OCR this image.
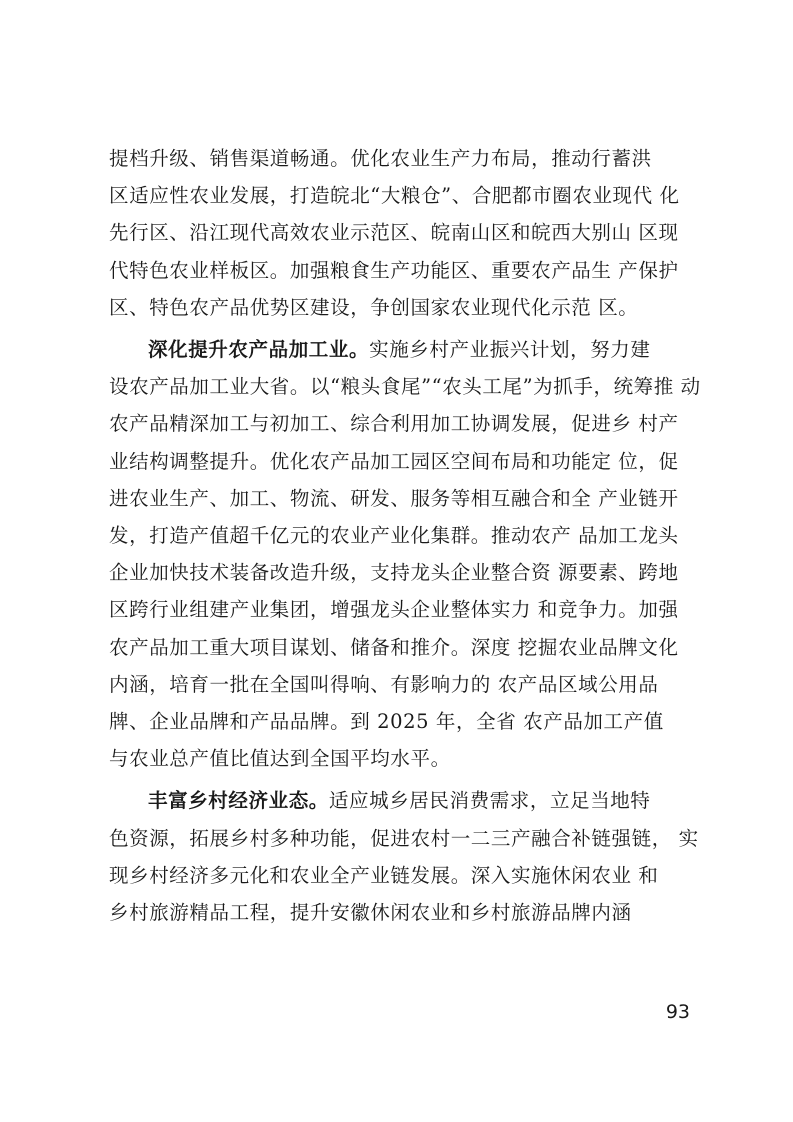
提档升级、销售渠道畅通。优化农业生产力布局，推动行蓄洪
区适应性农业发展，打造皖北“大粮仓”、合肥都市圈农业现代 化
先行区、沿江现代高效农业示范区、皖南山区和皖西大别山 区现
代特色农业样板区。加强粮食生产功能区、重要农产品生 产保护
区、特色农产品优势区建设，争创国家农业现代化示范 区。

深化提升农产品加工业。实施乡村产业振兴计划，努力建
设农产品加工业大省。以“粮头食尾”“农头工尾”为抓手，统筹推 动
农产品精深加工与初加工、综合利用加工协调发展，促进乡 村产
业结构调整提升。优化农产品加工园区空间布局和功能定 位，促
进农业生产、加工、物流、研发、服务等相互融合和全 产业链开
发，打造产值超千亿元的农业产业化集群。推动农产 品加工龙头
企业加快技术装备改造升级，支持龙头企业整合资 源要素、跨地
区跨行业组建产业集团，增强龙头企业整体实力 和竞争力。加强
农产品加工重大项目谋划、储备和推介。深度 挖掘农业品牌文化
内涵，培育一批在全国叫得响、有影响力的 农产品区域公用品
牌、企业品牌和产品品牌。到 2025 年，全省 农产品加工产值
与农业总产值比值达到全国平均水平。

丰富乡村经济业态。适应城乡居民消费需求，立足当地特
色资源，拓展乡村多种功能，促进农村一二三产融合补链强链， 实
现乡村经济多元化和农业全产业链发展。深入实施休闲农业 和
乡村旅游精品工程，提升安徽休闲农业和乡村旅游品牌内涵

93
